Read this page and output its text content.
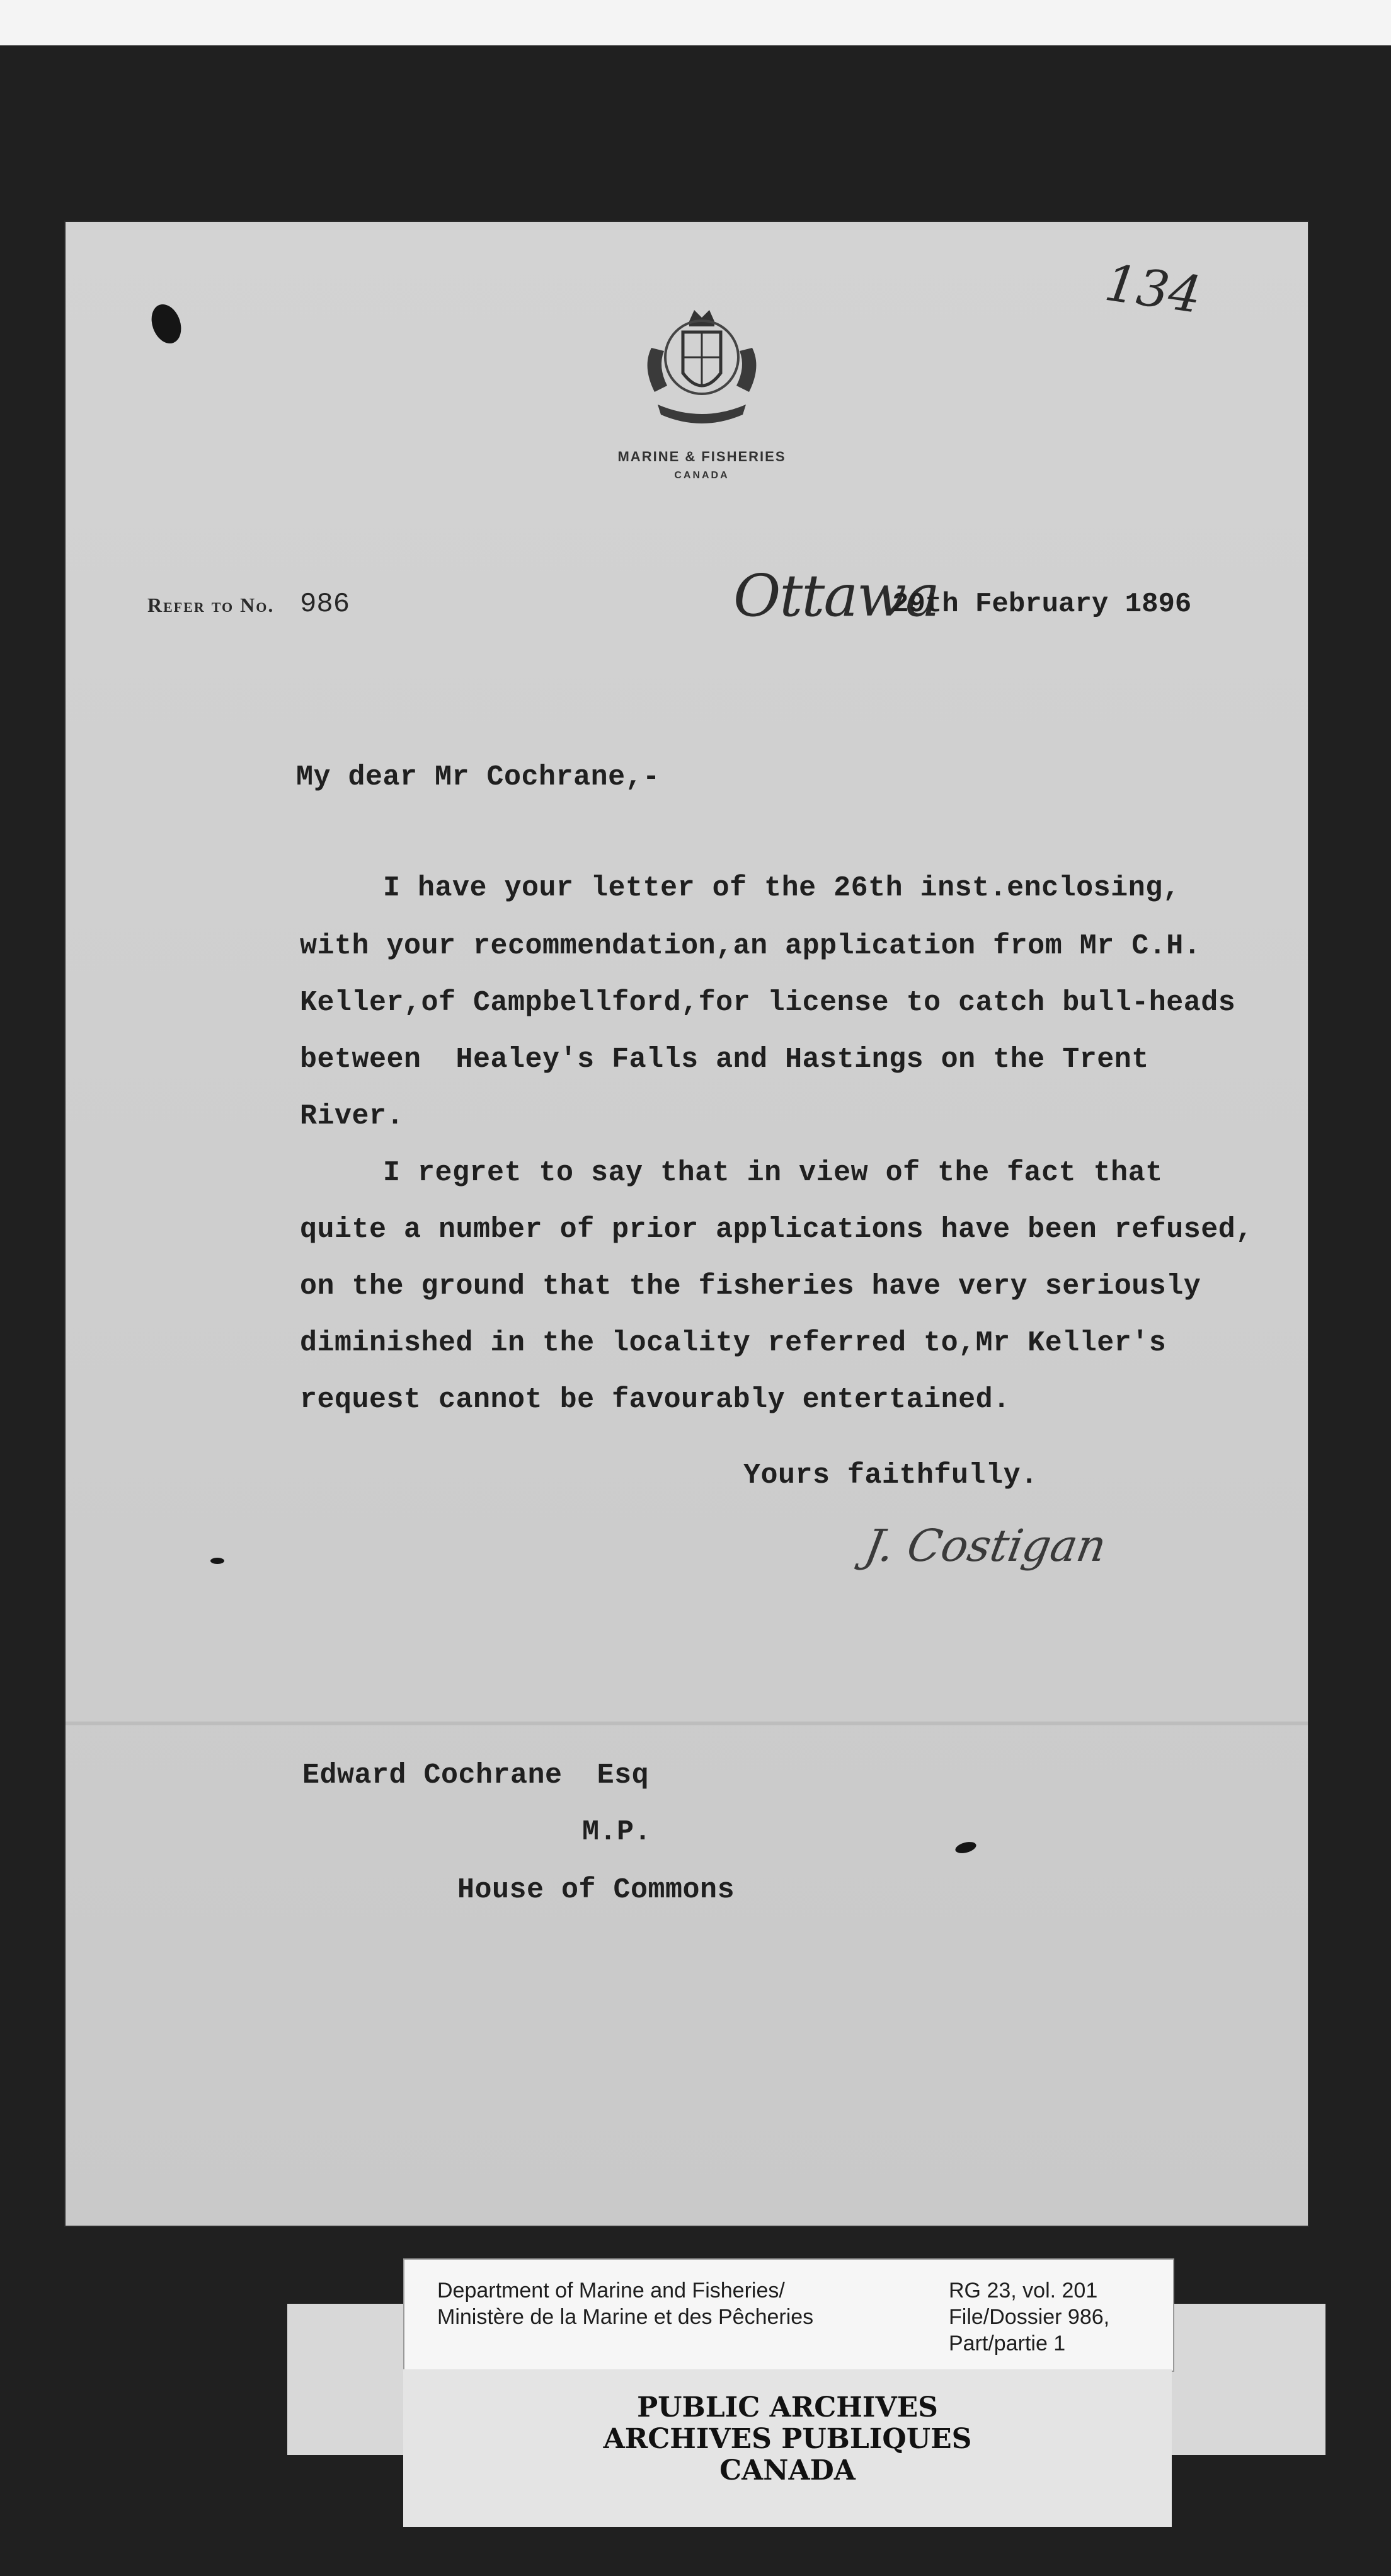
134
MARINE & FISHERIES
CANADA
Refer to No. 986	Ottawa
29th February 1896
My dear Mr Cochrane,-
I have your letter of the 26th inst.enclosing,
with your recommendation,an application from Mr C.H.
Keller,of Campbellford,for license to catch bull-heads
between  Healey's Falls and Hastings on the Trent
River.
I regret to say that in view of the fact that
quite a number of prior applications have been refused,
on the ground that the fisheries have very seriously
diminished in the locality referred to,Mr Keller's
request cannot be favourably entertained.
Yours faithfully.
J. Costigan
Edward Cochrane  Esq
M.P.
House of Commons
Department of Marine and Fisheries/
Ministère de la Marine et des Pêcheries
RG 23, vol. 201
File/Dossier 986,
Part/partie 1
PUBLIC ARCHIVES
ARCHIVES PUBLIQUES
CANADA
